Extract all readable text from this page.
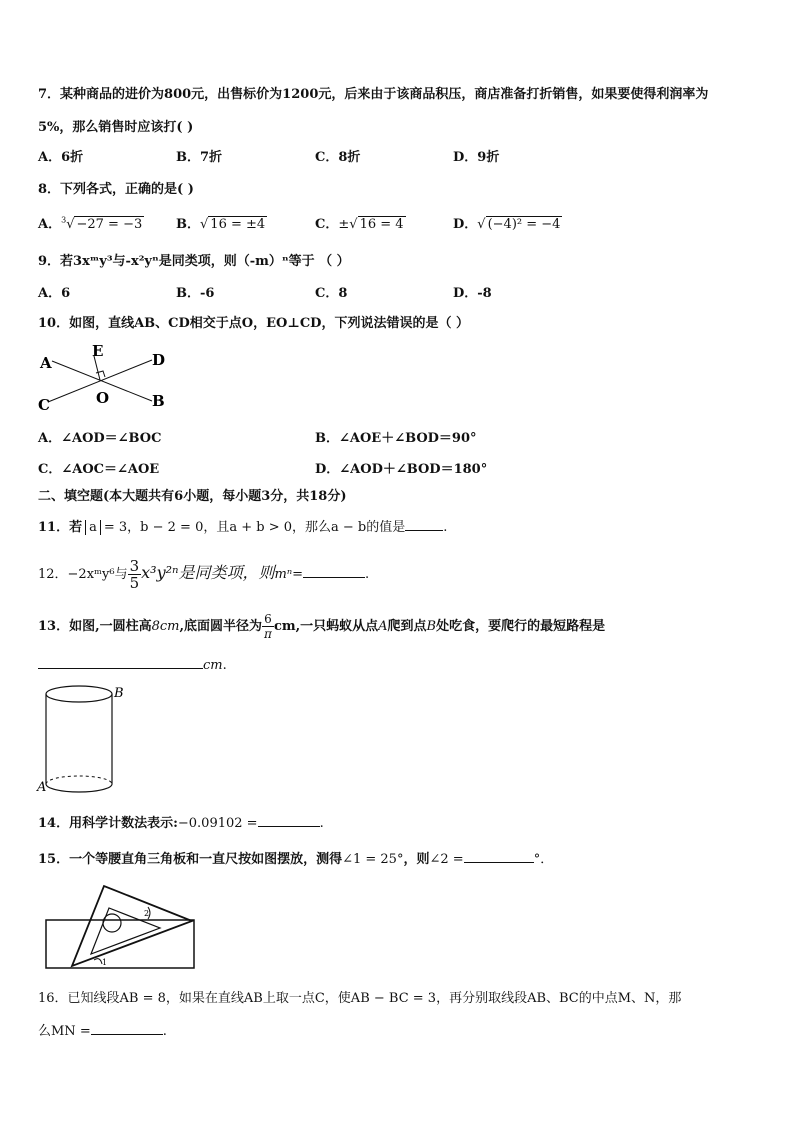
7．某种商品的进价为800元，出售标价为1200元，后来由于该商品积压，商店准备打折销售，如果要使得利润率为
5%，那么销售时应该打( )
A．6折	B．7折	C．8折	D．9折
8．下列各式，正确的是( )
A．$^3$√ −27 = −3	B．√ 16 = ±4	C．±√ 16 = 4	D．√ (−4)² = −4
9．若3xᵐy³与-x²yⁿ是同类项，则（-m）ⁿ等于 （ ）
A．6	B．-6	C．8	D．-8
10．如图，直线AB、CD相交于点O，EO⊥CD，下列说法错误的是（ ）
A
B
C
D
E
O
A．∠AOD＝∠BOC	B．∠AOE＋∠BOD＝90°
C．∠AOC＝∠AOE	D．∠AOD＋∠BOD＝180°
二、填空题(本大题共有6小题，每小题3分，共18分)
11．若 a = 3，b − 2 = 0，且a + b > 0，那么a − b的值是	.
12．−2xᵐy⁶与 $\frac{3}{5} x^3y^{2n}$是同类项，则mⁿ=	.
13．如图,一圆柱高8cm,底面圆半径为 $\frac{6}{\pi}$ cm,一只蚂蚁从点A爬到点B处吃食，要爬行的最短路程是
cm.
B
A
14．用科学计数法表示:−0.09102 =	.
15．一个等腰直角三角板和一直尺按如图摆放，测得∠1 = 25°，则∠2 =	°．
1
2
16．已知线段AB = 8，如果在直线AB上取一点C，使AB − BC = 3，再分别取线段AB、BC的中点M、N，那
么MN =	.
